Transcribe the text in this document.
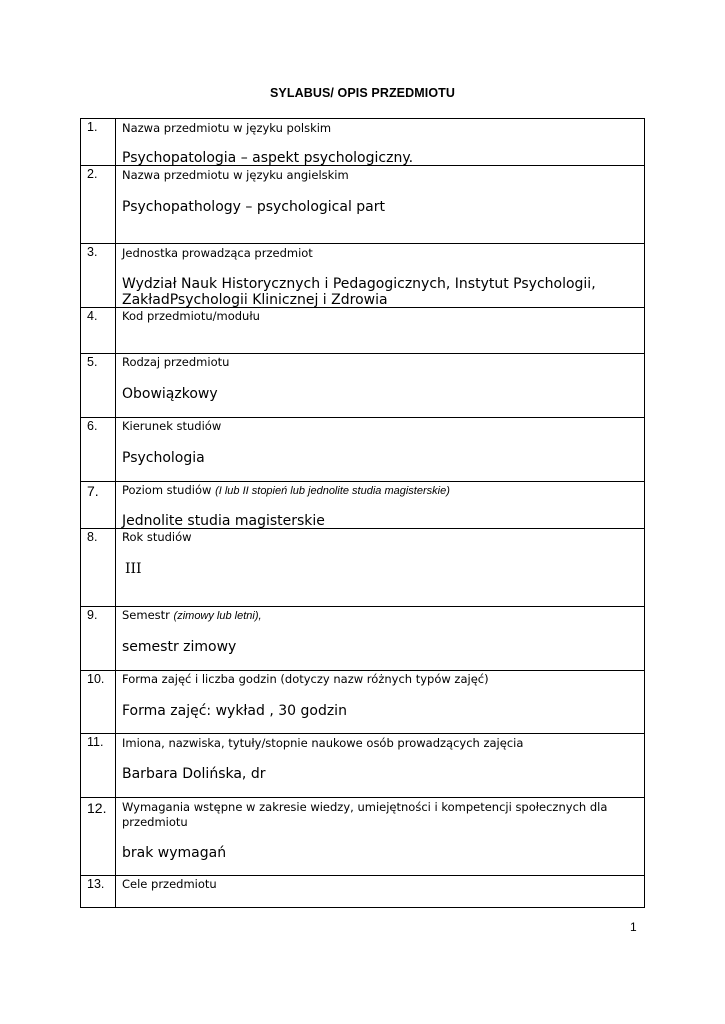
SYLABUS/ OPIS PRZEDMIOTU
1. Nazwa przedmiotu w języku polskim
Psychopatologia – aspekt psychologiczny.
2. Nazwa przedmiotu w języku angielskim
Psychopathology – psychological part
3. Jednostka prowadząca przedmiot
Wydział Nauk Historycznych i Pedagogicznych, Instytut Psychologii,
ZakładPsychologii Klinicznej i Zdrowia
4. Kod przedmiotu/modułu
5. Rodzaj przedmiotu
Obowiązkowy
6. Kierunek studiów
Psychologia
7. Poziom studiów (I lub II stopień lub jednolite studia magisterskie)
Jednolite studia magisterskie
8. Rok studiów
III
9. Semestr (zimowy lub letni),
semestr zimowy
10. Forma zajęć i liczba godzin (dotyczy nazw różnych typów zajęć)
Forma zajęć: wykład , 30 godzin
11. Imiona, nazwiska, tytuły/stopnie naukowe osób prowadzących zajęcia
Barbara Dolińska, dr
12. Wymagania wstępne w zakresie wiedzy, umiejętności i kompetencji społecznych dla
przedmiotu
brak wymagań
13. Cele przedmiotu
1
